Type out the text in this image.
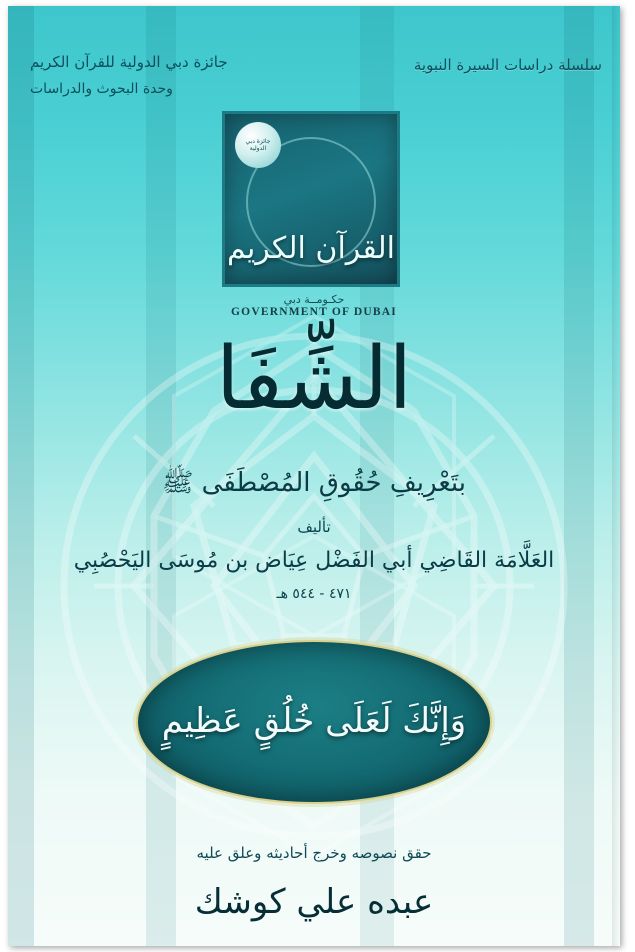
سلسلة دراسات السيرة النبوية
جائزة دبي الدولية للقرآن الكريم
وحدة البحوث والدراسات
جائزة دبي الدولية
القرآن الكريم
حكـومــة دبي
GOVERNMENT OF DUBAI
الشِّفَا
بتَعْرِيفِ حُقُوقِ المُصْطَفَى ﷺ
تأليف
العَلَّامَة القَاضِي أبي الفَضْل عِيَاض بن مُوسَى اليَحْصُبِي
٤٧١ - ٥٤٤ هـ
وَإِنَّكَ لَعَلَى خُلُقٍ عَظِيمٍ
حقق نصوصه وخرج أحاديثه وعلق عليه
عبده علي كوشك
